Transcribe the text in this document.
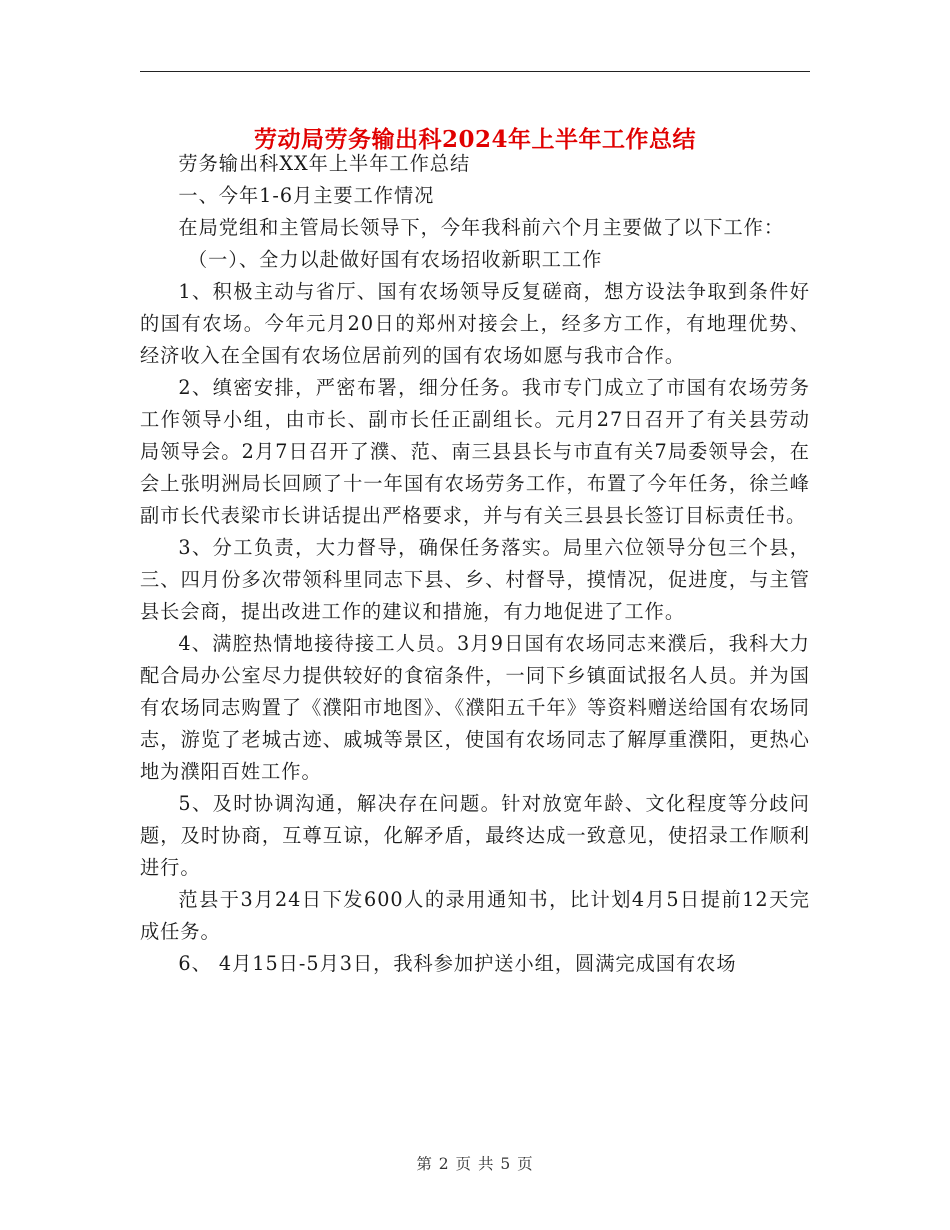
劳动局劳务输出科2024年上半年工作总结

劳务输出科XX年上半年工作总结

一、今年1-6月主要工作情况

在局党组和主管局长领导下，今年我科前六个月主要做了以下工作：

（一）、全力以赴做好国有农场招收新职工工作

1、积极主动与省厅、国有农场领导反复磋商，想方设法争取到条件好的国有农场。今年元月20日的郑州对接会上，经多方工作，有地理优势、经济收入在全国有农场位居前列的国有农场如愿与我市合作。

2、缜密安排，严密布署，细分任务。我市专门成立了市国有农场劳务工作领导小组，由市长、副市长任正副组长。元月27日召开了有关县劳动局领导会。2月7日召开了濮、范、南三县县长与市直有关7局委领导会，在会上张明洲局长回顾了十一年国有农场劳务工作，布置了今年任务，徐兰峰副市长代表梁市长讲话提出严格要求，并与有关三县县长签订目标责任书。

3、分工负责，大力督导，确保任务落实。局里六位领导分包三个县，三、四月份多次带领科里同志下县、乡、村督导，摸情况，促进度，与主管县长会商，提出改进工作的建议和措施，有力地促进了工作。

4、满腔热情地接待接工人员。3月9日国有农场同志来濮后，我科大力配合局办公室尽力提供较好的食宿条件，一同下乡镇面试报名人员。并为国有农场同志购置了《濮阳市地图》、《濮阳五千年》等资料赠送给国有农场同志，游览了老城古迹、戚城等景区，使国有农场同志了解厚重濮阳，更热心地为濮阳百姓工作。

5、及时协调沟通，解决存在问题。针对放宽年龄、文化程度等分歧问题，及时协商，互尊互谅，化解矛盾，最终达成一致意见，使招录工作顺利进行。

范县于3月24日下发600人的录用通知书，比计划4月5日提前12天完成任务。

6、 4月15日-5月3日，我科参加护送小组，圆满完成国有农场

第 2 页 共 5 页
